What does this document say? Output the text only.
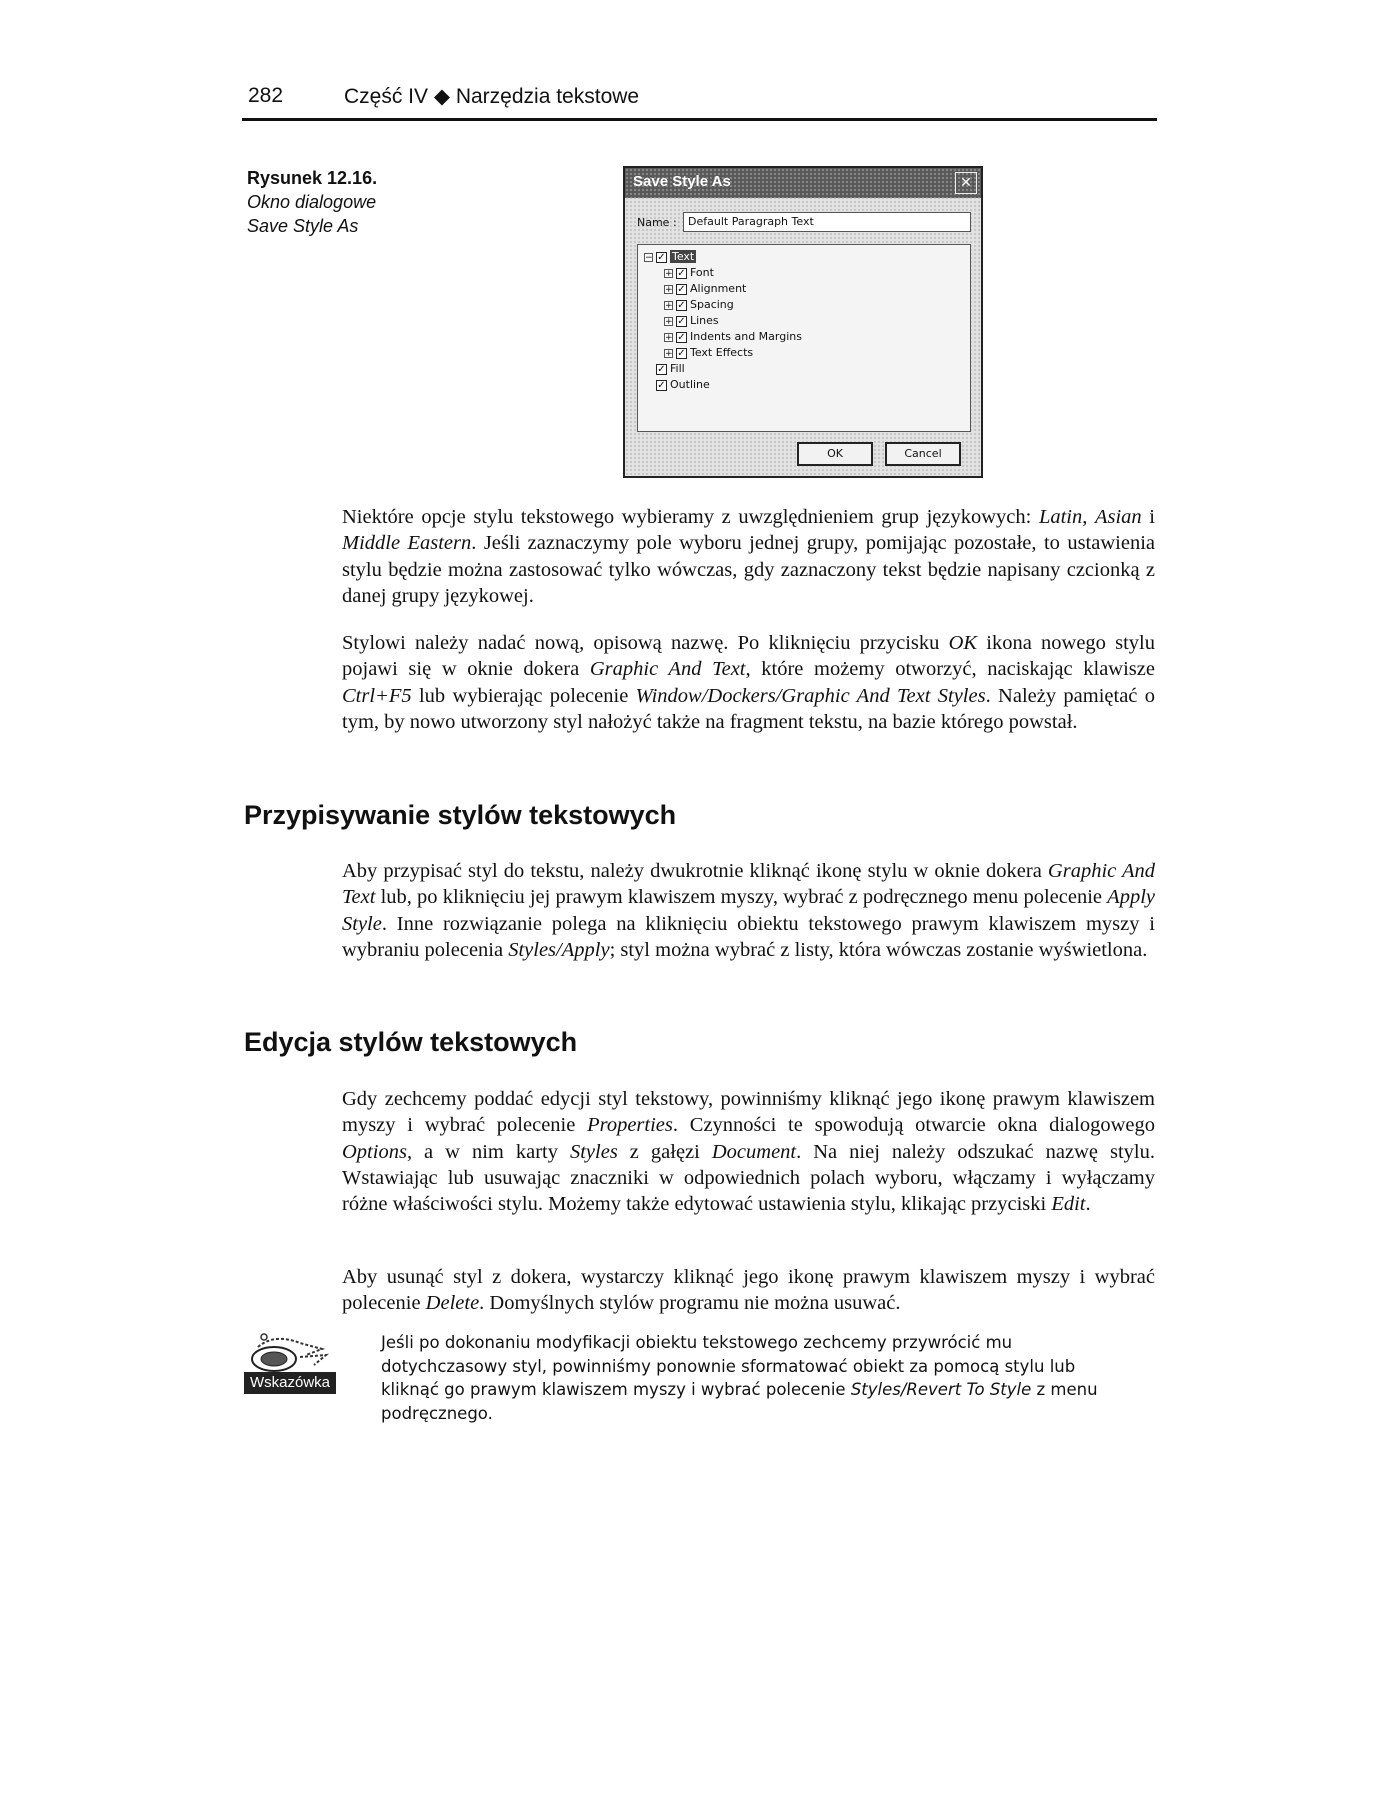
282	Część IV ◆ Narzędzia tekstowe
Rysunek 12.16.
Okno dialogowe
Save Style As
Save Style As	✕
Name :	Default Paragraph Text
− ✓ Text
+ ✓ Font
+ ✓ Alignment
+ ✓ Spacing
+ ✓ Lines
+ ✓ Indents and Margins
+ ✓ Text Effects
✓ Fill
✓ Outline
OK	Cancel

Niektóre opcje stylu tekstowego wybieramy z uwzględnieniem grup językowych: Latin, Asian i Middle Eastern. Jeśli zaznaczymy pole wyboru jednej grupy, pomijając pozostałe, to ustawienia stylu będzie można zastosować tylko wówczas, gdy zaznaczony tekst będzie napisany czcionką z danej grupy językowej.

Stylowi należy nadać nową, opisową nazwę. Po kliknięciu przycisku OK ikona nowego stylu pojawi się w oknie dokera Graphic And Text, które możemy otworzyć, naciskając klawisze Ctrl+F5 lub wybierając polecenie Window/Dockers/Graphic And Text Styles. Należy pamiętać o tym, by nowo utworzony styl nałożyć także na fragment tekstu, na bazie którego powstał.

Przypisywanie stylów tekstowych

Aby przypisać styl do tekstu, należy dwukrotnie kliknąć ikonę stylu w oknie dokera Graphic And Text lub, po kliknięciu jej prawym klawiszem myszy, wybrać z podręcznego menu polecenie Apply Style. Inne rozwiązanie polega na kliknięciu obiektu tekstowego prawym klawiszem myszy i wybraniu polecenia Styles/Apply; styl można wybrać z listy, która wówczas zostanie wyświetlona.

Edycja stylów tekstowych

Gdy zechcemy poddać edycji styl tekstowy, powinniśmy kliknąć jego ikonę prawym klawiszem myszy i wybrać polecenie Properties. Czynności te spowodują otwarcie okna dialogowego Options, a w nim karty Styles z gałęzi Document. Na niej należy odszukać nazwę stylu. Wstawiając lub usuwając znaczniki w odpowiednich polach wyboru, włączamy i wyłączamy różne właściwości stylu. Możemy także edytować ustawienia stylu, klikając przyciski Edit.

Aby usunąć styl z dokera, wystarczy kliknąć jego ikonę prawym klawiszem myszy i wybrać polecenie Delete. Domyślnych stylów programu nie można usuwać.

Wskazówka
Jeśli po dokonaniu modyfikacji obiektu tekstowego zechcemy przywrócić mu dotychczasowy styl, powinniśmy ponownie sformatować obiekt za pomocą stylu lub kliknąć go prawym klawiszem myszy i wybrać polecenie Styles/Revert To Style z menu podręcznego.
